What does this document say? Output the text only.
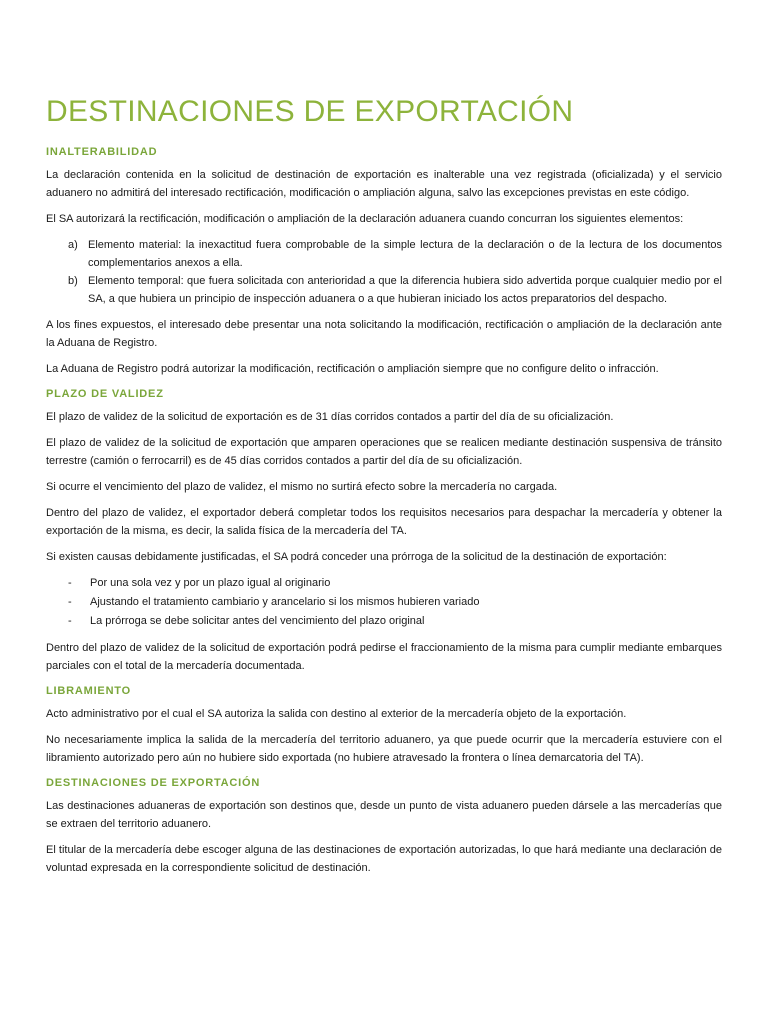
DESTINACIONES DE EXPORTACIÓN
INALTERABILIDAD

La declaración contenida en la solicitud de destinación de exportación es inalterable una vez registrada (oficializada) y el servicio aduanero no admitirá del interesado rectificación, modificación o ampliación alguna, salvo las excepciones previstas en este código.

El SA autorizará la rectificación, modificación o ampliación de la declaración aduanera cuando concurran los siguientes elementos:

a) Elemento material: la inexactitud fuera comprobable de la simple lectura de la declaración o de la lectura de los documentos complementarios anexos a ella.
b) Elemento temporal: que fuera solicitada con anterioridad a que la diferencia hubiera sido advertida porque cualquier medio por el SA, a que hubiera un principio de inspección aduanera o a que hubieran iniciado los actos preparatorios del despacho.

A los fines expuestos, el interesado debe presentar una nota solicitando la modificación, rectificación o ampliación de la declaración ante la Aduana de Registro.

La Aduana de Registro podrá autorizar la modificación, rectificación o ampliación siempre que no configure delito o infracción.

PLAZO DE VALIDEZ

El plazo de validez de la solicitud de exportación es de 31 días corridos contados a partir del día de su oficialización.

El plazo de validez de la solicitud de exportación que amparen operaciones que se realicen mediante destinación suspensiva de tránsito terrestre (camión o ferrocarril) es de 45 días corridos contados a partir del día de su oficialización.

Si ocurre el vencimiento del plazo de validez, el mismo no surtirá efecto sobre la mercadería no cargada.

Dentro del plazo de validez, el exportador deberá completar todos los requisitos necesarios para despachar la mercadería y obtener la exportación de la misma, es decir, la salida física de la mercadería del TA.

Si existen causas debidamente justificadas, el SA podrá conceder una prórroga de la solicitud de la destinación de exportación:

-	Por una sola vez y por un plazo igual al originario
-	Ajustando el tratamiento cambiario y arancelario si los mismos hubieren variado
-	La prórroga se debe solicitar antes del vencimiento del plazo original

Dentro del plazo de validez de la solicitud de exportación podrá pedirse el fraccionamiento de la misma para cumplir mediante embarques parciales con el total de la mercadería documentada.

LIBRAMIENTO

Acto administrativo por el cual el SA autoriza la salida con destino al exterior de la mercadería objeto de la exportación.

No necesariamente implica la salida de la mercadería del territorio aduanero, ya que puede ocurrir que la mercadería estuviere con el libramiento autorizado pero aún no hubiere sido exportada (no hubiere atravesado la frontera o línea demarcatoria del TA).

DESTINACIONES DE EXPORTACIÓN

Las destinaciones aduaneras de exportación son destinos que, desde un punto de vista aduanero pueden dársele a las mercaderías que se extraen del territorio aduanero.

El titular de la mercadería debe escoger alguna de las destinaciones de exportación autorizadas, lo que hará mediante una declaración de voluntad expresada en la correspondiente solicitud de destinación.
